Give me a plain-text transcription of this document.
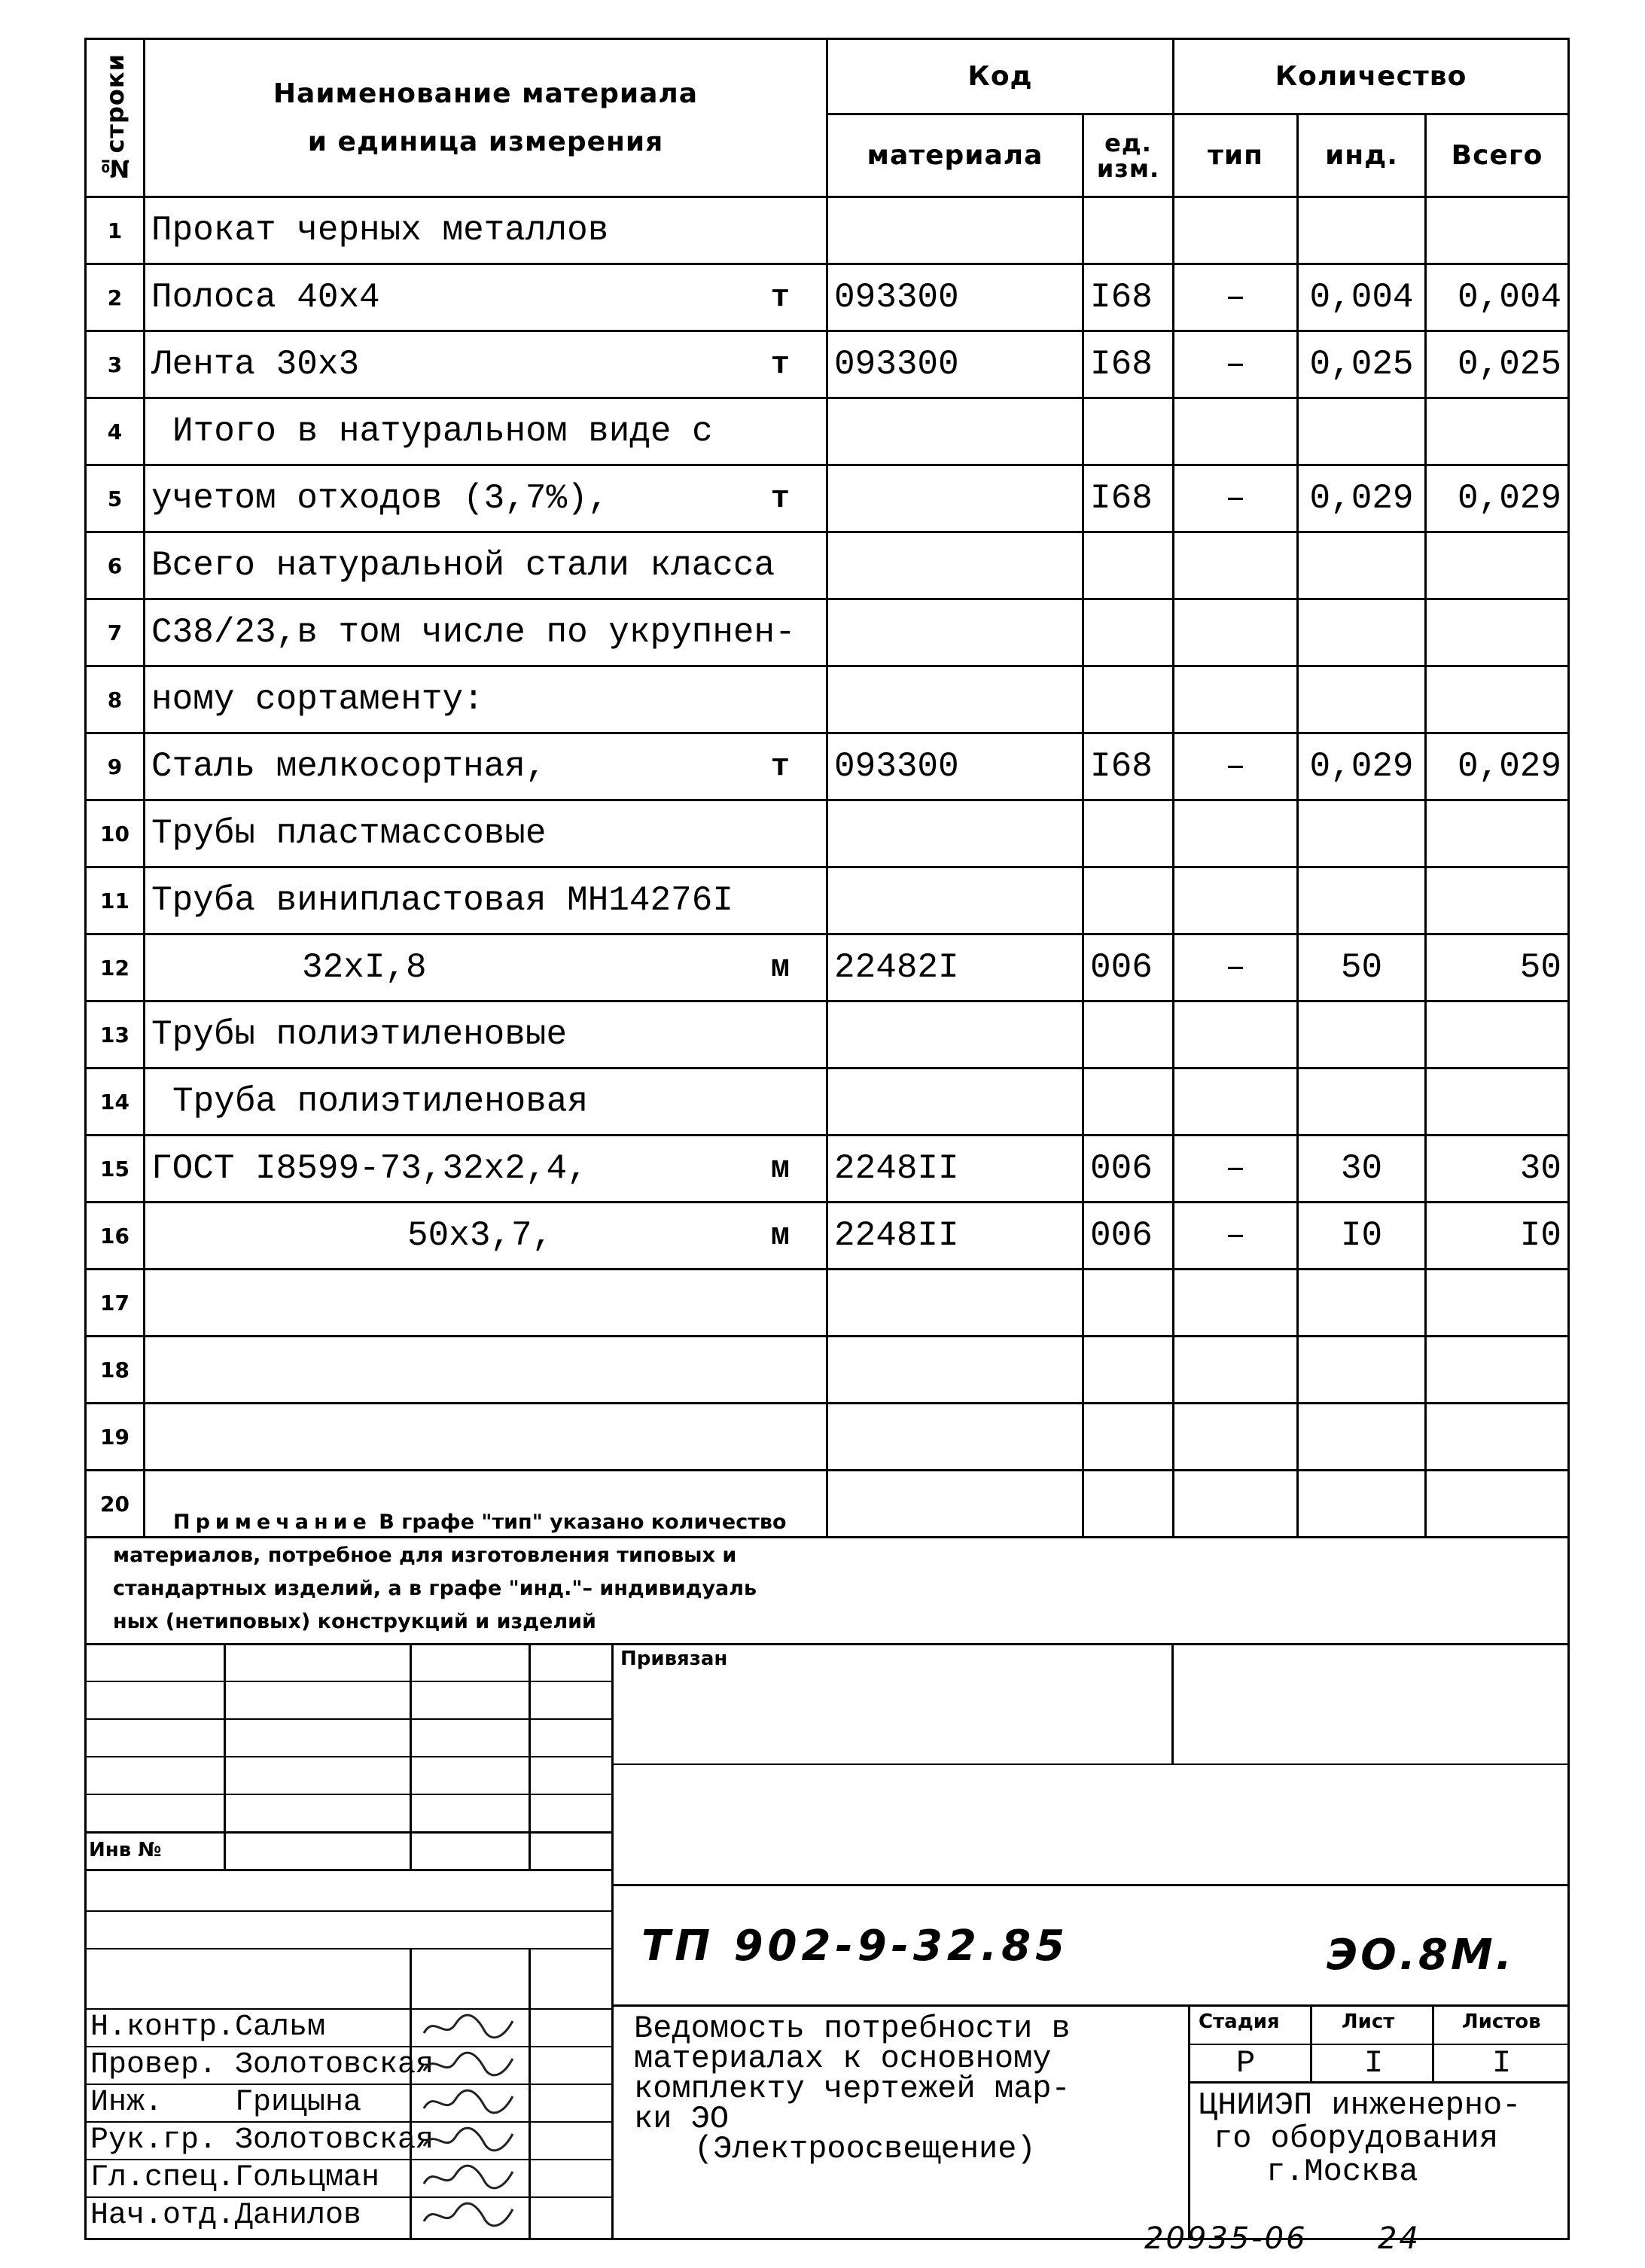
№строки	Наименование материала
и единица измерения	Код		Количество		
		материала	ед. изм.	тип	инд.	Всего
1	Прокат черных металлов

2	Полоса 40x4 т	093300	I68	–	0,004	0,004
3	Лента 30x3 т	093300	I68	–	0,025	0,025
4	Итого в натуральном виде с

5	учетом отходов (3,7%), т		I68	–	0,029	0,029
6	Всего натуральной стали класса

7	С38/23,в том числе по укрупнен-

8	ному сортаменту:

9	Сталь мелкосортная, т	093300	I68	–	0,029	0,029
10	Трубы пластмассовые

11	Труба винипластовая МН14276I

12	32xI,8 м	22482I	006	–	50	50
13	Трубы полиэтиленовые

14	Труба полиэтиленовая

15	ГОСТ I8599-73,32x2,4, м	2248II	006	–	30	30
16	50x3,7, м	2248II	006	–	I0	I0
17	

18	

19	

20	

Примечание В графе "тип" указано количество
материалов, потребное для изготовления типовых и
стандартных изделий, а в графе "инд."– индивидуаль
ных (нетиповых) конструкций и изделий
Привязан
Инв №
ТП 902-9-32.85	ЭО.8М.
Н.контр. Сальм
Провер. Золотовская
Инж. Грицына
Рук.гр. Золотовская
Гл.спец. Гольцман
Нач.отд. Данилов
Ведомость потребности в
материалах к основному
комплекту чертежей мар-
ки ЭО
(Электроосвещение)
Стадия	Лист	Листов
Р	I	I
ЦНИИЭП инженерно-
го оборудования
г.Москва
20935-06 24
